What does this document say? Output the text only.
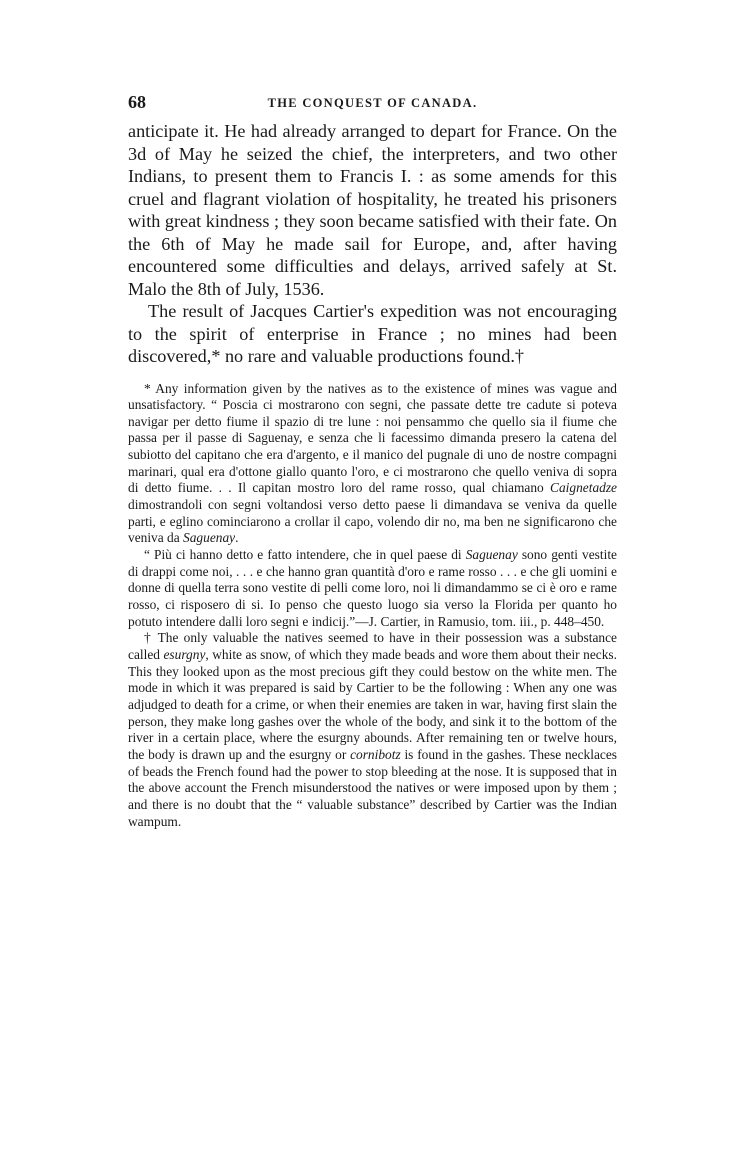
68	THE CONQUEST OF CANADA.

anticipate it. He had already arranged to depart for France. On the 3d of May he seized the chief, the interpreters, and two other Indians, to present them to Francis I. : as some amends for this cruel and flagrant violation of hospitality, he treated his prisoners with great kindness ; they soon became satisfied with their fate. On the 6th of May he made sail for Europe, and, after having encountered some difficulties and delays, arrived safely at St. Malo the 8th of July, 1536.

The result of Jacques Cartier's expedition was not encouraging to the spirit of enterprise in France ; no mines had been discovered,* no rare and valuable productions found.†

* Any information given by the natives as to the existence of mines was vague and unsatisfactory. “ Poscia ci mostrarono con segni, che passate dette tre cadute si poteva navigar per detto fiume il spazio di tre lune : noi pensammo che quello sia il fiume che passa per il passe di Saguenay, e senza che li facessimo dimanda presero la catena del subiotto del capitano che era d'argento, e il manico del pugnale di uno de nostre compagni marinari, qual era d'ottone giallo quanto l'oro, e ci mostrarono che quello veniva di sopra di detto fiume. . . Il capitan mostro loro del rame rosso, qual chiamano Caignetadze dimostrandoli con segni voltandosi verso detto paese li dimandava se veniva da quelle parti, e eglino cominciarono a crollar il capo, volendo dir no, ma ben ne significarono che veniva da Saguenay.

“ Più ci hanno detto e fatto intendere, che in quel paese di Saguenay sono genti vestite di drappi come noi, . . . e che hanno gran quantità d'oro e rame rosso . . . e che gli uomini e donne di quella terra sono vestite di pelli come loro, noi li dimandammo se ci è oro e rame rosso, ci risposero di si. Io penso che questo luogo sia verso la Florida per quanto ho potuto intendere dalli loro segni e indicij.”—J. Cartier, in Ramusio, tom. iii., p. 448–450.

† The only valuable the natives seemed to have in their possession was a substance called esurgny, white as snow, of which they made beads and wore them about their necks. This they looked upon as the most precious gift they could bestow on the white men. The mode in which it was prepared is said by Cartier to be the following : When any one was adjudged to death for a crime, or when their enemies are taken in war, having first slain the person, they make long gashes over the whole of the body, and sink it to the bottom of the river in a certain place, where the esurgny abounds. After remaining ten or twelve hours, the body is drawn up and the esurgny or cornibotz is found in the gashes. These necklaces of beads the French found had the power to stop bleeding at the nose. It is supposed that in the above account the French misunderstood the natives or were imposed upon by them ; and there is no doubt that the “ valuable substance” described by Cartier was the Indian wampum.
